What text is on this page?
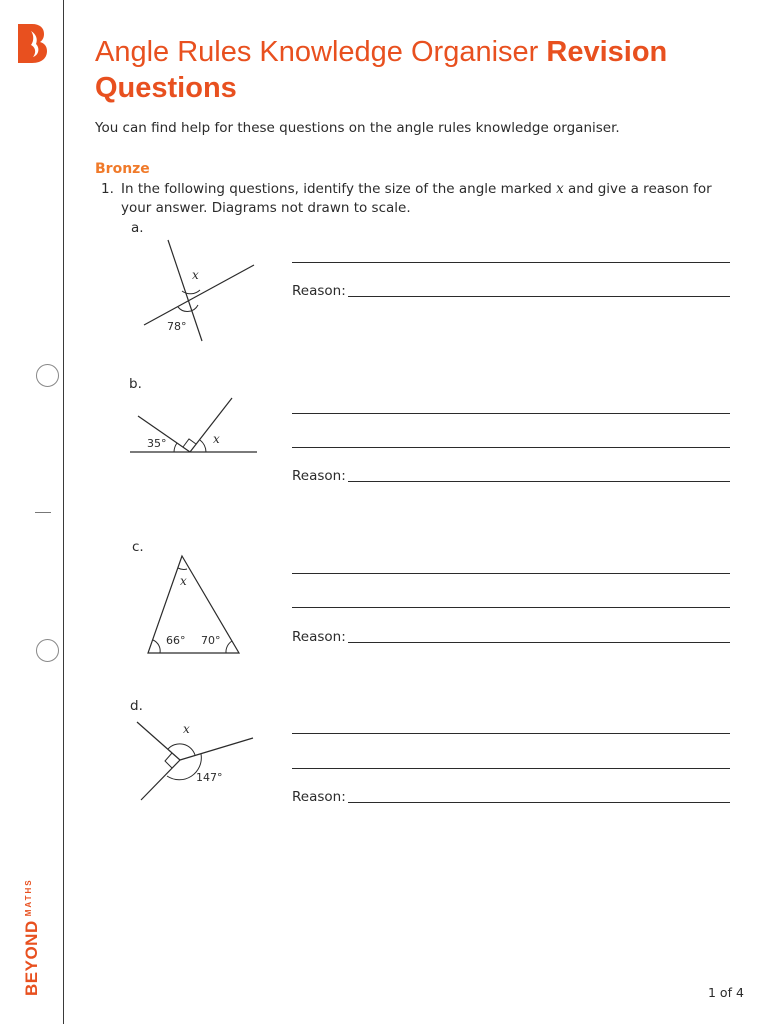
$BEYOND^{MATHS}$
Angle Rules Knowledge Organiser Revision Questions

You can find help for these questions on the angle rules knowledge organiser.

Bronze
1. In the following questions, identify the size of the angle marked x and give a reason for your answer. Diagrams not drawn to scale.
a.
x
78°
Reason:
b.
35°	x
Reason:
c.
x
66° 70°	Reason:
d.
x
147°
Reason:
1 of 4
